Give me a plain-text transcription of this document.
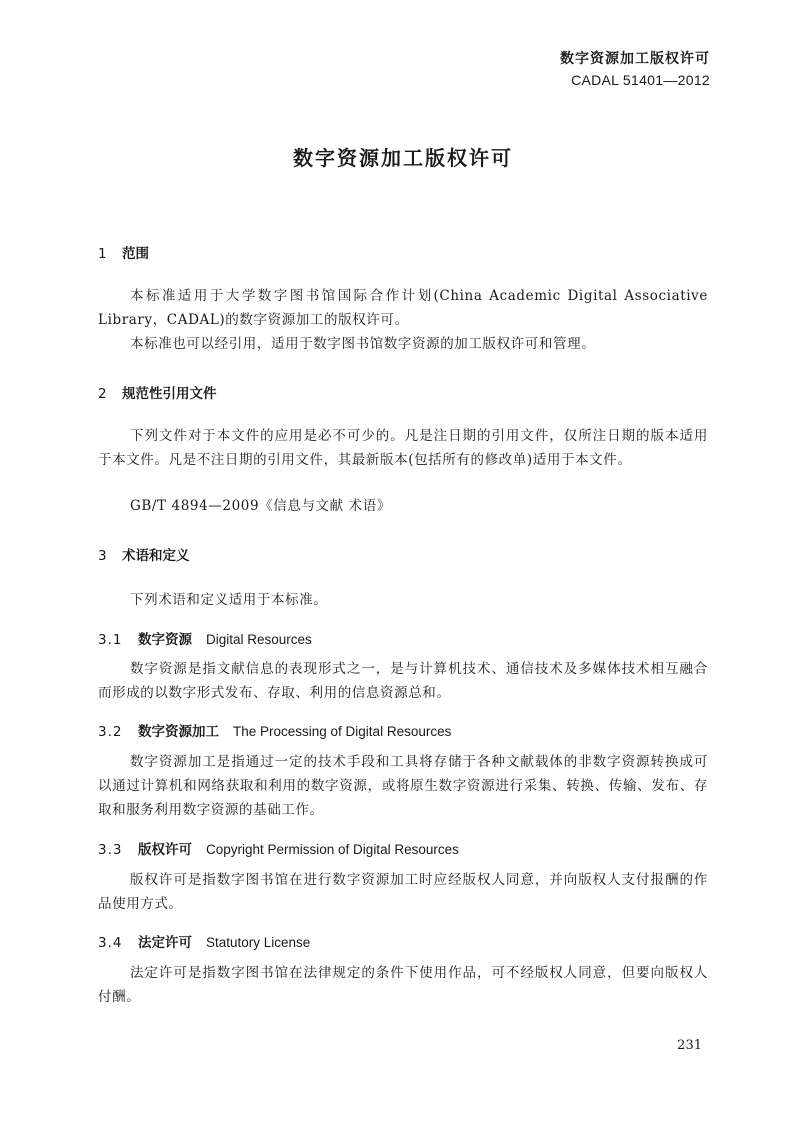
数字资源加工版权许可
CADAL 51401—2012
数字资源加工版权许可
1 范围
本标准适用于大学数字图书馆国际合作计划(China Academic Digital Associative Library，CADAL)的数字资源加工的版权许可。
本标准也可以经引用，适用于数字图书馆数字资源的加工版权许可和管理。
2 规范性引用文件
下列文件对于本文件的应用是必不可少的。凡是注日期的引用文件，仅所注日期的版本适用于本文件。凡是不注日期的引用文件，其最新版本(包括所有的修改单)适用于本文件。
GB/T 4894—2009《信息与文献 术语》
3 术语和定义
下列术语和定义适用于本标准。
3.1 数字资源 Digital Resources
数字资源是指文献信息的表现形式之一，是与计算机技术、通信技术及多媒体技术相互融合而形成的以数字形式发布、存取、利用的信息资源总和。
3.2 数字资源加工 The Processing of Digital Resources
数字资源加工是指通过一定的技术手段和工具将存储于各种文献载体的非数字资源转换成可以通过计算机和网络获取和利用的数字资源，或将原生数字资源进行采集、转换、传输、发布、存取和服务利用数字资源的基础工作。
3.3 版权许可 Copyright Permission of Digital Resources
版权许可是指数字图书馆在进行数字资源加工时应经版权人同意，并向版权人支付报酬的作品使用方式。
3.4 法定许可 Statutory License
法定许可是指数字图书馆在法律规定的条件下使用作品，可不经版权人同意，但要向版权人付酬。
231
